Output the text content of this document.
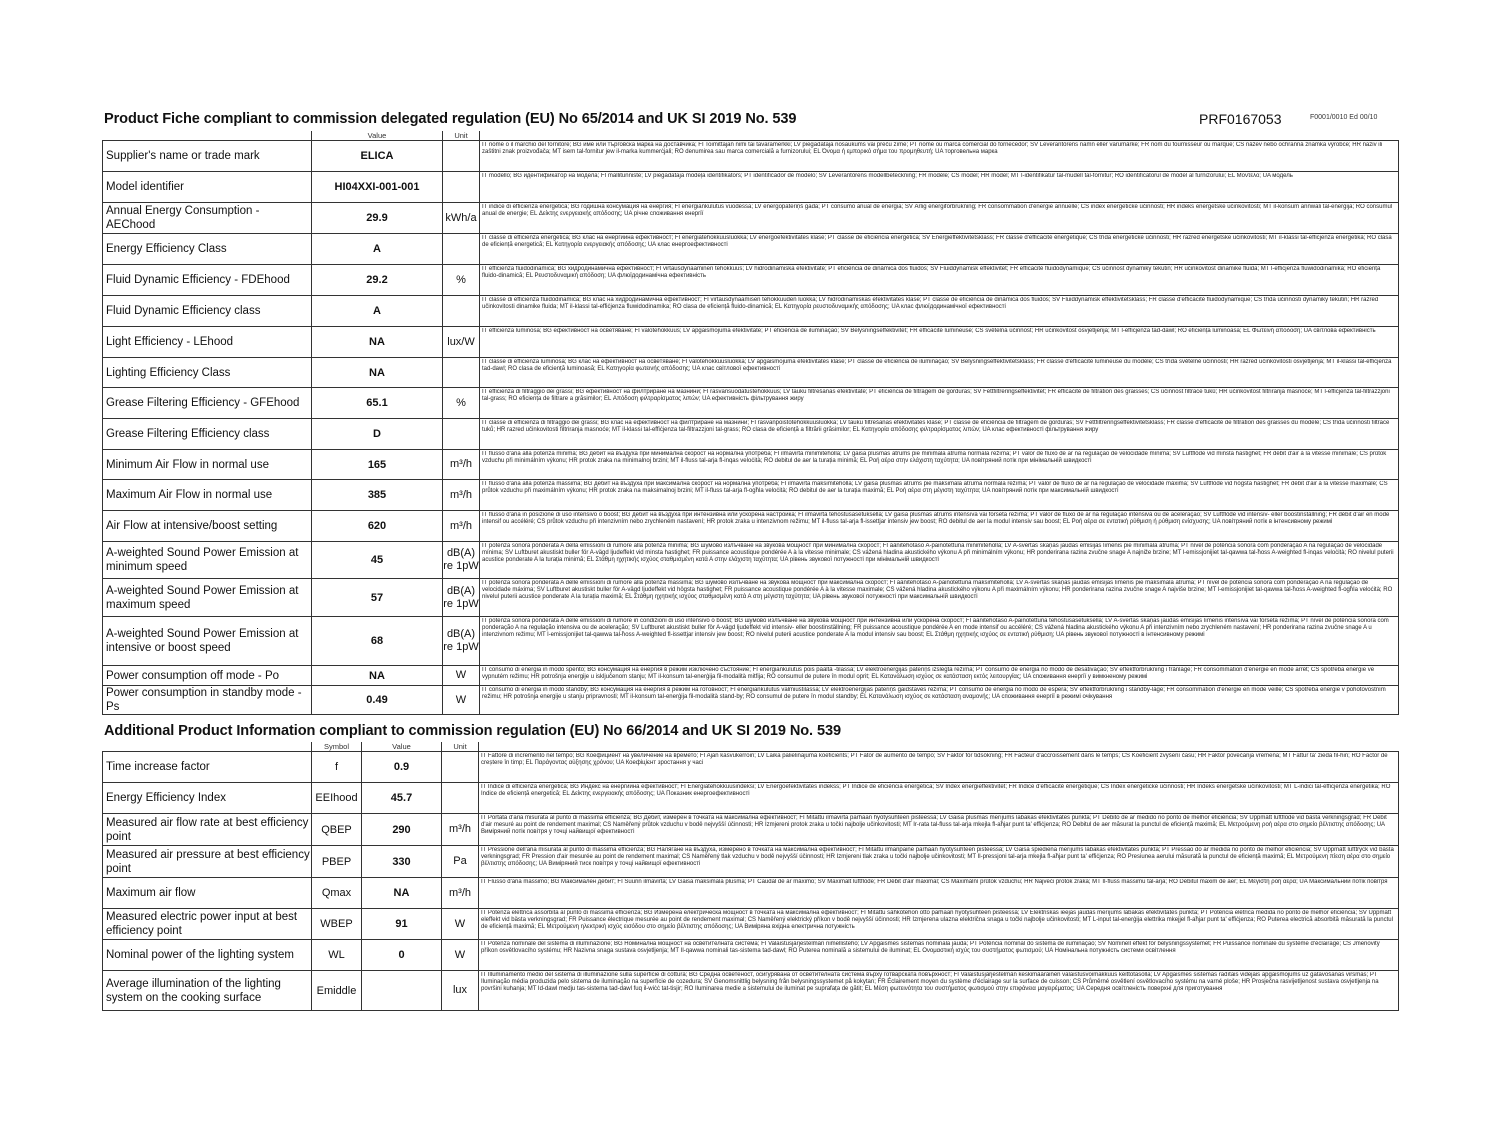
Product Fiche compliant to commission delegated regulation (EU) No 65/2014 and UK SI 2019 No. 539	PRF0167053	F0001/0010 Ed 00/10
	Value	Unit	
Supplier's name or trade mark	ELICA		IT nome o il marchio del fornitore; BG име или търговска марка на доставчика; FI Toimittajan nimi tai tavaramerkki; LV piegādātāja nosaukums vai preču zīme; PT nome ou marca comercial do fornecedor; SV Leverantörens namn eller varumärke; FR nom du fournisseur ou marque; CS název nebo ochranná známka výrobce; HR naziv ili zaštitni znak proizvođača; MT isem tal-fornitur jew il-marka kummerċjali; RO denumirea sau marca comercială a furnizorului; EL Όνομα ή εμπορικό σήμα του προμηθευτή; UA торговельна марка

Model identifier	HI04XXI-001-001		IT modello; BG идентификатор на модела; FI mallitunniste; LV piegādātāja modeļa identifikators; PT identificador de modelo; SV Leverantörens modellbeteckning; FR modèle; CS model; HR model; MT l-identifikatur tal-mudell tal-fornitur; RO identificatorul de model al furnizorului; EL Μοντέλο; UA модель

Annual Energy Consumption - AEChood	29.9	kWh/a	IT indice di efficienza energetica; BG годишна консумация на енергия; FI energiankulutus vuodessa; LV energopatēriņš gadā; PT consumo anual de energia; SV Årlig energiförbrukning; FR consommation d'énergie annuelle; CS index energetické účinnosti; HR indeks energetske učinkovitosti; MT il-konsum annwali tal-enerġija; RO consumul anual de energie; EL Δείκτης ενεργειακής απόδοσης; UA річне споживання енергії

Energy Efficiency Class	A		IT classe di efficienza energetica; BG клас на енергийна ефективност; FI energiatehokkuusluokka; LV energoefektivitātes klase; PT classe de eficiência energética; SV Energieffektivitetsklass; FR classe d'efficacité énergétique; CS třída energetické účinnosti; HR razred energetske učinkovitosti; MT il-klassi tal-effiċjenza enerġetika; RO clasa de eficiență energetică; EL Κατηγορία ενεργειακής απόδοσης; UA клас енергоефективності

Fluid Dynamic Efficiency - FDEhood	29.2	%	IT efficienza fluidodinamica; BG хидродинамична ефективност; FI virtausdynaaminen tehokkuus; LV hidrodinamiskā efektivitāte; PT eficiência de dinâmica dos fluidos; SV Fluiddynamisk effektivitet; FR efficacité fluidodynamique; CS účinnost dynamiky tekutin; HR učinkovitost dinamike fluida; MT l-effiċjenza fluwidodinamika; RO eficiența fluido-dinamică; EL Ρευστοδυναμική απόδοση; UA флюїдодинамічна ефективність

Fluid Dynamic Efficiency class	A		IT classe di efficienza fluidodinamica; BG клас на хидродинамична ефективност; FI virtausdynaamisen tehokkuuden luokka; LV hidrodinamiskās efektivitātes klase; PT classe de eficiência de dinâmica dos fluidos; SV Fluiddynamisk effektivitetsklass; FR classe d'efficacité fluidodynamique; CS třída účinnosti dynamiky tekutin; HR razred učinkovitosti dinamike fluida; MT il-klassi tal-effiċjenza fluwidodinamika; RO clasa de eficiență fluido-dinamică; EL Κατηγορία ρευστοδυναμικής απόδοσης; UA клас флюїдодинамічної ефективності

Light Efficiency - LEhood	NA	lux/W	IT efficienza luminosa; BG ефективност на осветяване; FI valotehokkuus; LV apgaismojuma efektivitāte; PT eficiência de iluminação; SV Belysningseffektivitet; FR efficacité lumineuse; CS světelná účinnost; HR učinkovitost osvjetljenja; MT l-effiċjenza tad-dawl; RO eficiența luminoasă; EL Φωτεινή απόδοση; UA світлова ефективність

Lighting Efficiency Class	NA		IT classe di efficienza luminosa; BG клас на ефективност на осветяване; FI valotehokkuusluokka; LV apgaismojuma efektivitātes klase; PT classe de eficiência de iluminação; SV Belysningseffektivitetsklass; FR classe d'efficacité lumineuse du modèle; CS třída světelné účinnosti; HR razred učinkovitosti osvjetljenja; MT il-klassi tal-effiċjenza tad-dawl; RO clasa de eficiență luminoasă; EL Κατηγορία φωτεινής απόδοσης; UA клас світлової ефективності

Grease Filtering Efficiency - GFEhood	65.1	%	IT efficienza di filtraggio dei grassi; BG ефективност на филтриране на мазнини; FI rasvansuodatustehokkuus; LV tauku filtrēšanas efektivitāte; PT eficiência de filtragem de gorduras; SV Fettfiltreringseffektivitet; FR efficacité de filtration des graisses; CS účinnost filtrace tuků; HR učinkovitost filtriranja masnoće; MT l-effiċjenza tal-filtrazzjoni tal-grass; RO eficiența de filtrare a grăsimilor; EL Απόδοση φιλτραρίσματος λιπών; UA ефективність фільтрування жиру

Grease Filtering Efficiency class	D		IT classe di efficienza di filtraggio dei grassi; BG клас на ефективност на филтриране на мазнини; FI rasvanpoistotehokkuusluokka; LV tauku filtrēšanas efektivitātes klase; PT classe de eficiência de filtragem de gorduras; SV Fettfiltreringseffektivitetsklass; FR classe d'efficacité de filtration des graisses du modèle; CS třída účinnosti filtrace tuků; HR razred učinkovitosti filtriranja masnoće; MT il-klassi tal-effiċjenza tal-filtrazzjoni tal-grass; RO clasa de eficiență a filtrării grăsimilor; EL Κατηγορία απόδοσης φιλτραρίσματος λιπών; UA клас ефективності фільтрування жиру

Minimum Air Flow in normal use	165	m³/h	IT flusso d'aria alla potenza minima; BG дебит на въздуха при минимална скорост на нормална употреба; FI ilmavirta minimiteholla; LV gaisa plūsmas ātrums pie minimālā ātruma normālā režīmā; PT valor de fluxo de ar na regulação de velocidade mínima; SV Luftflöde vid minsta hastighet; FR débit d'air à la vitesse minimale; CS průtok vzduchu při minimálním výkonu; HR protok zraka na minimalnoj brzini; MT il-fluss tal-arja fl-inqas veloċità; RO debitul de aer la turația minimă; EL Ροή αέρα στην ελάχιστη ταχύτητα; UA повітряний потік при мінімальній швидкості

Maximum Air Flow in normal use	385	m³/h	IT flusso d'aria alla potenza massima; BG дебит на въздуха при максимална скорост на нормална употреба; FI ilmavirta maksimiteholla; LV gaisa plūsmas ātrums pie maksimālā ātruma normālā režīmā; PT valor de fluxo de ar na regulação de velocidade máxima; SV Luftflöde vid högsta hastighet; FR débit d'air à la vitesse maximale; CS průtok vzduchu při maximálním výkonu; HR protok zraka na maksimalnoj brzini; MT il-fluss tal-arja fl-ogħla veloċità; RO debitul de aer la turația maximă; EL Ροή αέρα στη μέγιστη ταχύτητα; UA повітряний потік при максимальній швидкості

Air Flow at intensive/boost setting	620	m³/h	IT flusso d'aria in posizione di uso intensivo o boost; BG дебит на въздуха при интензивна или ускорена настройка; FI ilmavirta tehostusasetuksella; LV gaisa plūsmas ātrums intensīvā vai forsētā režīmā; PT valor de fluxo de ar na regulação intensiva ou de aceleração; SV Luftflöde vid intensiv- eller boostinställning; FR débit d'air en mode intensif ou accéléré; CS průtok vzduchu při intenzivním nebo zrychleném nastavení; HR protok zraka u intenzivnom režimu; MT il-fluss tal-arja fl-issettjar intensiv jew boost; RO debitul de aer la modul intensiv sau boost; EL Ροή αέρα σε εντατική ρύθμιση ή ρύθμιση ενίσχυσης; UA повітряний потік в інтенсивному режимі

A-weighted Sound Power Emission at minimum speed	45	dB(A) re 1pW	IT potenza sonora ponderata A della emissioni di rumore alla potenza minima; BG шумово излъчване на звукова мощност при минимална скорост; FI äänitehotaso A-painotettuna minimiteholla; LV A-svērtās skaņas jaudas emisijas līmenis pie minimālā ātruma; PT nível de potência sonora com ponderação A na regulação de velocidade mínima; SV Luftburet akustiskt buller för A-vägd ljudeffekt vid minsta hastighet; FR puissance acoustique pondérée A à la vitesse minimale; CS vážená hladina akustického výkonu A při minimálním výkonu; HR ponderirana razina zvučne snage A najniže brzine; MT l-emissjonijiet tal-qawwa tal-ħoss A-weighted fl-inqas veloċità; RO nivelul puterii acustice ponderate A la turația minimă; EL Στάθμη ηχητικής ισχύος σταθμισμένη κατά Α στην ελάχιστη ταχύτητα; UA рівень звукової потужності при мінімальній швидкості

A-weighted Sound Power Emission at maximum speed	57	dB(A) re 1pW	IT potenza sonora ponderata A delle emissioni di rumore alla potenza massima; BG шумово излъчване на звукова мощност при максимална скорост; FI äänitehotaso A-painotettuna maksimiteholla; LV A-svērtās skaņas jaudas emisijas līmenis pie maksimālā ātruma; PT nível de potência sonora com ponderação A na regulação de velocidade máxima; SV Luftburet akustiskt buller för A-vägd ljudeffekt vid högsta hastighet; FR puissance acoustique pondérée A à la vitesse maximale; CS vážená hladina akustického výkonu A při maximálním výkonu; HR ponderirana razina zvučne snage A najviše brzine; MT l-emissjonijiet tal-qawwa tal-ħoss A-weighted fl-ogħla veloċità; RO nivelul puterii acustice ponderate A la turația maximă; EL Στάθμη ηχητικής ισχύος σταθμισμένη κατά Α στη μέγιστη ταχύτητα; UA рівень звукової потужності при максимальній швидкості

A-weighted Sound Power Emission at intensive or boost speed	68	dB(A) re 1pW	IT potenza sonora ponderata A delle emissioni di rumore in condizioni di uso intensivo o boost; BG шумово излъчване на звукова мощност при интензивна или ускорена скорост; FI äänitehotaso A-painotettuna tehostusasetuksella; LV A-svērtās skaņas jaudas emisijas līmenis intensīvā vai forsētā režīmā; PT nível de potência sonora com ponderação A na regulação intensiva ou de aceleração; SV Luftburet akustiskt buller för A-vägd ljudeffekt vid intensiv- eller boostinställning; FR puissance acoustique pondérée A en mode intensif ou accéléré; CS vážená hladina akustického výkonu A při intenzivním nebo zrychleném nastavení; HR ponderirana razina zvučne snage A u intenzivnom režimu; MT l-emissjonijiet tal-qawwa tal-ħoss A-weighted fl-issettjar intensiv jew boost; RO nivelul puterii acustice ponderate A la modul intensiv sau boost; EL Στάθμη ηχητικής ισχύος σε εντατική ρύθμιση; UA рівень звукової потужності в інтенсивному режимі

Power consumption off mode - Po	NA	W	IT consumo di energia in modo spento; BG консумация на енергия в режим изключено състояние; FI energiankulutus pois päältä -tilassa; LV elektroenerģijas patēriņš izslēgtā režīmā; PT consumo de energia no modo de desativação; SV effektförbrukning i frånläge; FR consommation d'énergie en mode arrêt; CS spotřeba energie ve vypnutém režimu; HR potrošnja energije u isključenom stanju; MT il-konsum tal-enerġija fil-modalità mitfija; RO consumul de putere în modul oprit; EL Κατανάλωση ισχύος σε κατάσταση εκτός λειτουργίας; UA споживання енергії у вимкненому режимі

Power consumption in standby mode - Ps	0.49	W	IT consumo di energia in modo standby; BG консумация на енергия в режим на готовност; FI energiankulutus valmiustilassa; LV elektroenerģijas patēriņš gaidstāves režīmā; PT consumo de energia no modo de espera; SV effektförbrukning i standby-läge; FR consommation d'énergie en mode veille; CS spotřeba energie v pohotovostním režimu; HR potrošnja energije u stanju pripravnosti; MT il-konsum tal-enerġija fil-modalità stand-by; RO consumul de putere în modul standby; EL Κατανάλωση ισχύος σε κατάσταση αναμονής; UA споживання енергії в режимі очікування
Additional Product Information compliant to commission regulation (EU) No 66/2014 and UK SI 2019 No. 539
	Symbol	Value	Unit	
Time increase factor	f	0.9		IT Fattore di incremento nel tempo; BG Коефициент на увеличение на времето; FI Ajan kasvukerroin; LV Laika palielinājuma koeficients; PT Fator de aumento de tempo; SV Faktor för tidsökning; FR Facteur d'accroissement dans le temps; CS Koeficient zvýšení času; HR Faktor povećanja vremena; MT Fattur ta' żieda fil-ħin; RO Factor de creștere în timp; EL Παράγοντας αύξησης χρόνου; UA Коефіцієнт зростання у часі

Energy Efficiency Index	EEIhood	45.7		IT Indice di efficienza energetica; BG Индекс на енергийна ефективност; FI Energiatehokkuusindeksi; LV Energoefektivitātes indekss; PT Índice de eficiência energética; SV Index energieffektivitet; FR Indice d'efficacité énergétique; CS Index energetické účinnosti; HR Indeks energetske učinkovitosti; MT L-indiċi tal-effiċjenza enerġetika; RO Indice de eficiență energetică; EL Δείκτης ενεργειακής απόδοσης; UA Показник енергоефективності

Measured air flow rate at best efficiency point	QBEP	290	m³/h	IT Portata d'aria misurata al punto di massima efficienza; BG Дебит, измерен в точката на максимална ефективност; FI Mitattu ilmavirta parhaan hyötysuhteen pisteessä; LV Gaisa plūsmas mērījums labākās efektivitātes punktā; PT Débito de ar medido no ponto de melhor eficiência; SV Uppmätt luftflöde vid bästa verkningsgrad; FR Débit d'air mesuré au point de rendement maximal; CS Naměřený průtok vzduchu v bodě nejvyšší účinnosti; HR Izmjereni protok zraka u točki najbolje učinkovitosti; MT Ir-rata tal-fluss tal-arja mkejla fl-aħjar punt ta' effiċjenza; RO Debitul de aer măsurat la punctul de eficiență maximă; EL Μετρούμενη ροή αέρα στο σημείο βέλτιστης απόδοσης; UA Виміряний потік повітря у точці найвищої ефективності

Measured air pressure at best efficiency point	PBEP	330	Pa	IT Pressione dell'aria misurata al punto di massima efficienza; BG Налягане на въздуха, измерено в точката на максимална ефективност; FI Mitattu ilmanpaine parhaan hyötysuhteen pisteessä; LV Gaisa spiediena mērījums labākās efektivitātes punktā; PT Pressão do ar medida no ponto de melhor eficiência; SV Uppmätt lufttryck vid bästa verkningsgrad; FR Pression d'air mesurée au point de rendement maximal; CS Naměřený tlak vzduchu v bodě nejvyšší účinnosti; HR Izmjereni tlak zraka u točki najbolje učinkovitosti; MT Il-pressjoni tal-arja mkejla fl-aħjar punt ta' effiċjenza; RO Presiunea aerului măsurată la punctul de eficiență maximă; EL Μετρούμενη πίεση αέρα στο σημείο βέλτιστης απόδοσης; UA Виміряний тиск повітря у точці найвищої ефективності

Maximum air flow	Qmax	NA	m³/h	IT Flusso d'aria massimo; BG Максимален дебит; FI Suurin ilmavirta; LV Gaisa maksimālā plūsma; PT Caudal de ar máximo; SV Maximalt luftflöde; FR Débit d'air maximal; CS Maximální průtok vzduchu; HR Najveći protok zraka; MT Il-fluss massimu tal-arja; RO Debitul maxim de aer; EL Μέγιστη ροή αέρα; UA Максимальний потік повітря

Measured electric power input at best efficiency point	WBEP	91	W	IT Potenza elettrica assorbita al punto di massima efficienza; BG Измерена електрическа мощност в точката на максимална ефективност; FI Mitattu sähkötehon otto parhaan hyötysuhteen pisteessä; LV Elektriskās ieejas jaudas mērījums labākās efektivitātes punktā; PT Potência elétrica medida no ponto de melhor eficiência; SV Uppmätt eleffekt vid bästa verkningsgrad; FR Puissance électrique mesurée au point de rendement maximal; CS Naměřený elektrický příkon v bodě nejvyšší účinnosti; HR Izmjerena ulazna električna snaga u točki najbolje učinkovitosti; MT L-input tal-enerġija elettrika mkejjel fl-aħjar punt ta' effiċjenza; RO Puterea electrică absorbită măsurată la punctul de eficiență maximă; EL Μετρούμενη ηλεκτρική ισχύς εισόδου στο σημείο βέλτιστης απόδοσης; UA Виміряна вхідна електрична потужність

Nominal power of the lighting system	WL	0	W	IT Potenza nominale del sistema di illuminazione; BG Номинална мощност на осветителната система; FI Valaistusjärjestelmän nimellisteho; LV Apgaismes sistēmas nominālā jauda; PT Potência nominal do sistema de iluminação; SV Nominell effekt för belysningssystemet; FR Puissance nominale du système d'éclairage; CS Jmenovitý příkon osvětlovacího systému; HR Nazivna snaga sustava osvjetljenja; MT Il-qawwa nominali tas-sistema tad-dawl; RO Puterea nominală a sistemului de iluminat; EL Ονομαστική ισχύς του συστήματος φωτισμού; UA Номінальна потужність системи освітлення

Average illumination of the lighting system on the cooking surface	Emiddle		lux	IT Illuminamento medio del sistema di illuminazione sulla superficie di cottura; BG Средна осветеност, осигурявана от осветителната система върху готварската повърхност; FI Valaistusjärjestelmän keskimääräinen valaistusvoimakkuus keittotasolla; LV Apgaismes sistēmas radītais vidējais apgaismojums uz gatavošanas virsmas; PT Iluminação média produzida pelo sistema de iluminação na superfície de cozedura; SV Genomsnittlig belysning från belysningssystemet på kokytan; FR Éclairement moyen du système d'éclairage sur la surface de cuisson; CS Průměrné osvětlení osvětlovacího systému na varné ploše; HR Prosječna rasvijetljenost sustava osvjetljenja na površini kuhanja; MT Id-dawl medju tas-sistema tad-dawl fuq il-wiċċ tat-tisjir; RO Iluminarea medie a sistemului de iluminat pe suprafața de gătit; EL Μέση φωτεινότητα του συστήματος φωτισμού στην επιφάνεια μαγειρέματος; UA Середня освітленість поверхні для приготування
